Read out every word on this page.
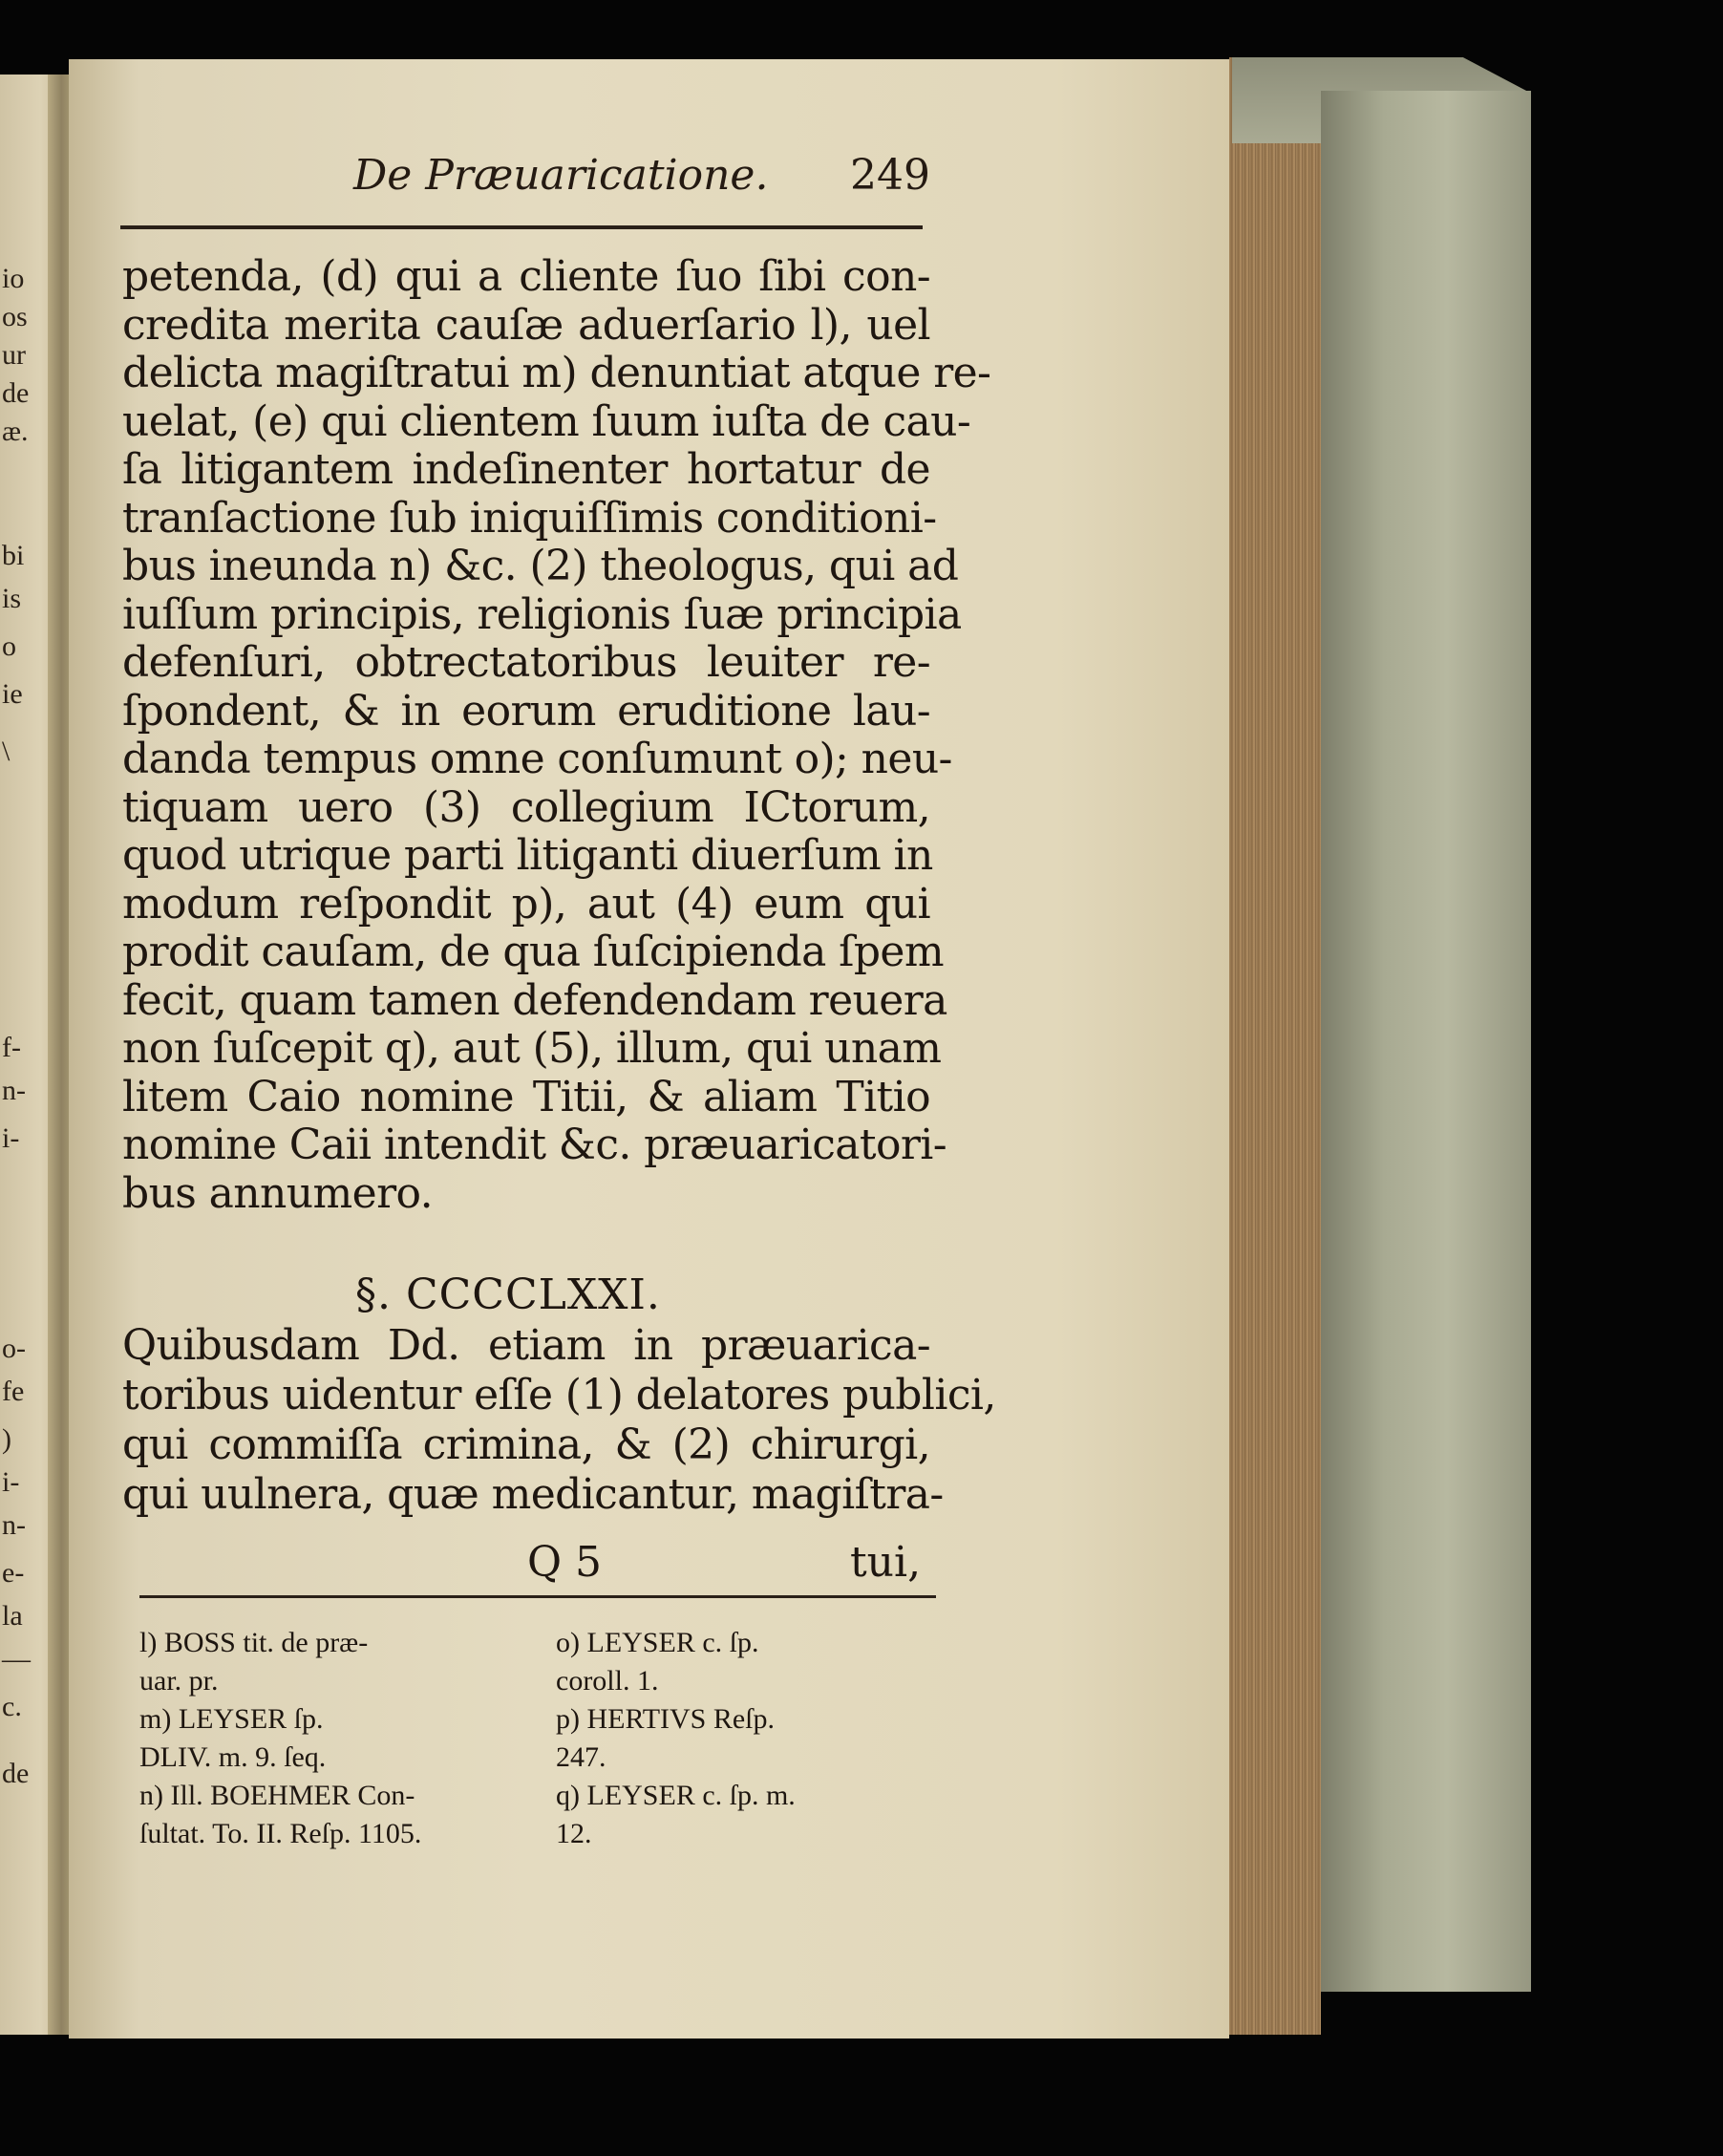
io
os
ur
de
æ.
bi
is
o
ie
\
f-
n-
i-
o-
fe
)
i-
n-
e-
la
—
c.
de
De Præuaricatione. 249
petenda, (d) qui a cliente ſuo ſibi con-
credita merita cauſæ aduerſario l), uel
delicta magiſtratui m) denuntiat atque re-
uelat, (e) qui clientem ſuum iuſta de cau-
ſa litigantem indeſinenter hortatur de
tranſactione ſub iniquiſſimis conditioni-
bus ineunda n) &c. (2) theologus, qui ad
iuſſum principis, religionis ſuæ principia
defenſuri, obtrectatoribus leuiter re-
ſpondent, & in eorum eruditione lau-
danda tempus omne conſumunt o); neu-
tiquam uero (3) collegium ICtorum,
quod utrique parti litiganti diuerſum in
modum reſpondit p), aut (4) eum qui
prodit cauſam, de qua ſuſcipienda ſpem
fecit, quam tamen defendendam reuera
non ſuſcepit q), aut (5), illum, qui unam
litem Caio nomine Titii, & aliam Titio
nomine Caii intendit &c. præuaricatori-
bus annumero.
§. CCCCLXXI.
Quibusdam Dd. etiam in præuarica-
toribus uidentur eſſe (1) delatores publici,
qui commiſſa crimina, & (2) chirurgi,
qui uulnera, quæ medicantur, magiſtra-
Q 5	tui,
l) BOSS tit. de præ-
uar. pr.
m) LEYSER ſp.
DLIV. m. 9. ſeq.
n) Ill. BOEHMER Con-
ſultat. To. II. Reſp. 1105.
o) LEYSER c. ſp.
coroll. 1.
p) HERTIVS Reſp.
247.
q) LEYSER c. ſp. m.
12.
